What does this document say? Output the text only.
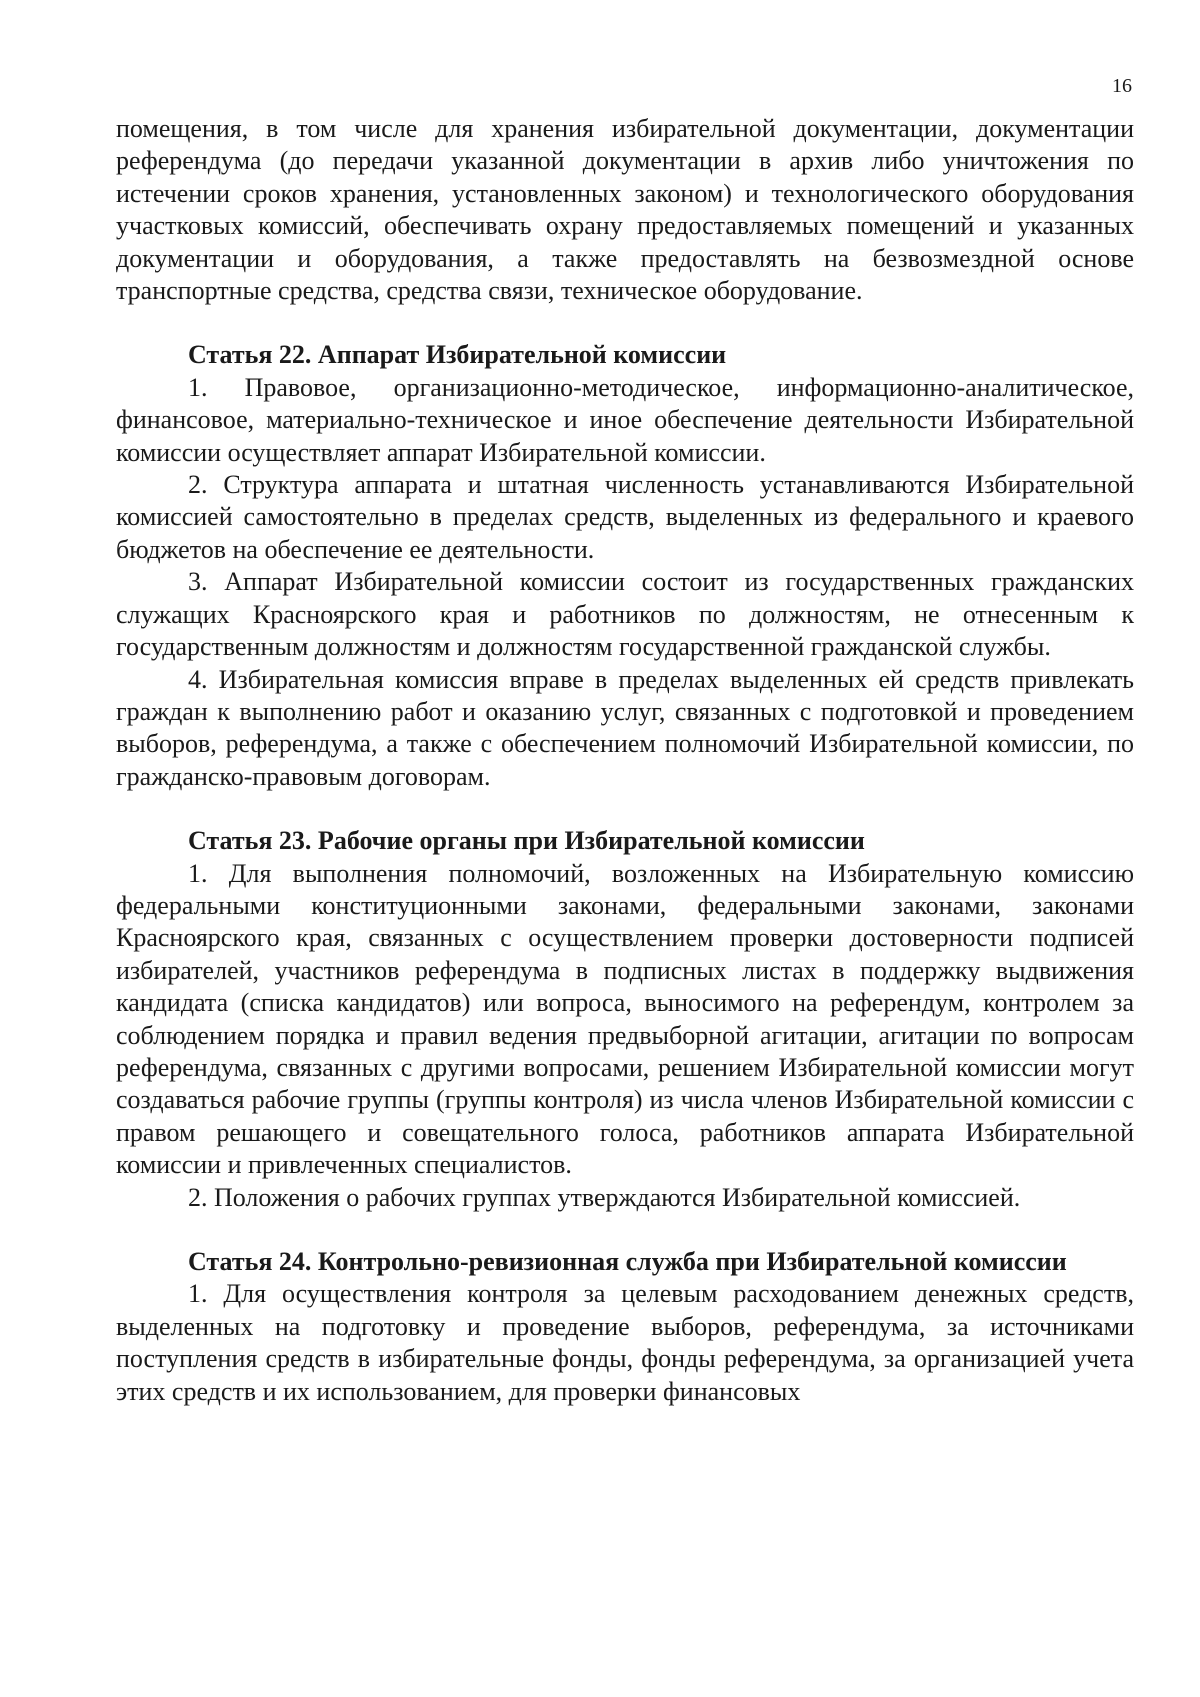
16

помещения, в том числе для хранения избирательной документации, документации референдума (до передачи указанной документации в архив либо уничтожения по истечении сроков хранения, установленных законом) и технологического оборудования участковых комиссий, обеспечивать охрану предоставляемых помещений и указанных документации и оборудования, а также предоставлять на безвозмездной основе транспортные средства, средства связи, техническое оборудование.

Статья 22. Аппарат Избирательной комиссии

1. Правовое, организационно-методическое, информационно-аналитическое, финансовое, материально-техническое и иное обеспечение деятельности Избирательной комиссии осуществляет аппарат Избирательной комиссии.

2. Структура аппарата и штатная численность устанавливаются Избирательной комиссией самостоятельно в пределах средств, выделенных из федерального и краевого бюджетов на обеспечение ее деятельности.

3. Аппарат Избирательной комиссии состоит из государственных гражданских служащих Красноярского края и работников по должностям, не отнесенным к государственным должностям и должностям государственной гражданской службы.

4. Избирательная комиссия вправе в пределах выделенных ей средств привлекать граждан к выполнению работ и оказанию услуг, связанных с подготовкой и проведением выборов, референдума, а также с обеспечением полномочий Избирательной комиссии, по гражданско-правовым договорам.

Статья 23. Рабочие органы при Избирательной комиссии

1. Для выполнения полномочий, возложенных на Избирательную комиссию федеральными конституционными законами, федеральными законами, законами Красноярского края, связанных с осуществлением проверки достоверности подписей избирателей, участников референдума в подписных листах в поддержку выдвижения кандидата (списка кандидатов) или вопроса, выносимого на референдум, контролем за соблюдением порядка и правил ведения предвыборной агитации, агитации по вопросам референдума, связанных с другими вопросами, решением Избирательной комиссии могут создаваться рабочие группы (группы контроля) из числа членов Избирательной комиссии с правом решающего и совещательного голоса, работников аппарата Избирательной комиссии и привлеченных специалистов.

2. Положения о рабочих группах утверждаются Избирательной комиссией.

Статья 24. Контрольно-ревизионная служба при Избирательной комиссии

1. Для осуществления контроля за целевым расходованием денежных средств, выделенных на подготовку и проведение выборов, референдума, за источниками поступления средств в избирательные фонды, фонды референдума, за организацией учета этих средств и их использованием, для проверки финансовых
